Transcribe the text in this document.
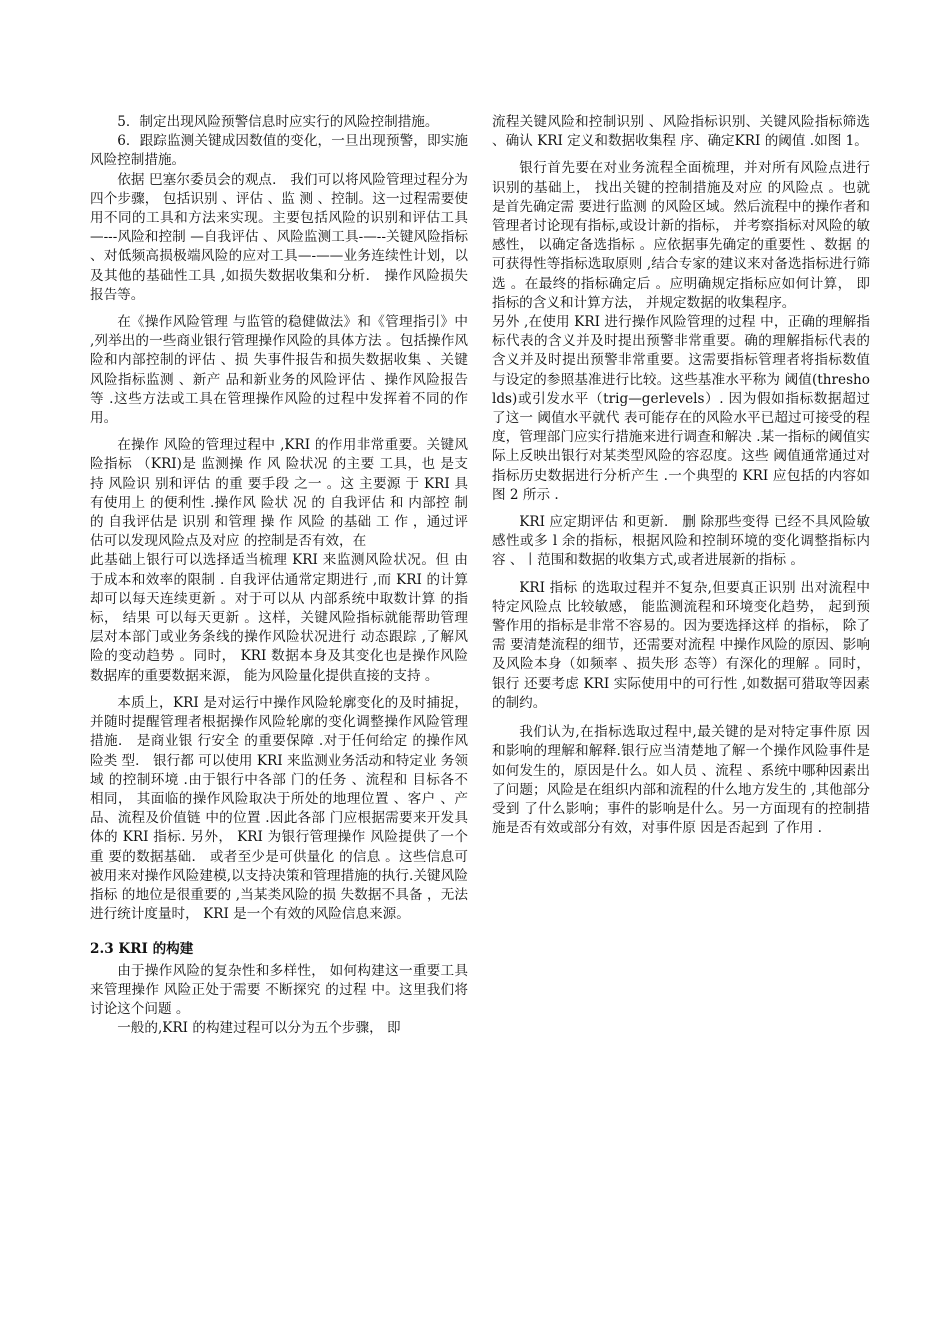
5．制定出现风险预警信息时应实行的风险控制措施。

6．跟踪监测关键成因数值的变化，一旦出现预警，即实施风险控制措施。

依据 巴塞尔委员会的观点． 我们可以将风险管理过程分为四个步骤， 包括识别 、评估 、监 测 、控制。这一过程需要使用不同的工具和方法来实现。主要包括风险的识别和评估工具—---风险和控制 —自我评估 、风险监测工具-—--关键风险指标 、对低频高损极端风险的应对工具—-——业务连续性计划，以及其他的基础性工具 ,如损失数据收集和分析． 操作风险损失报告等。

在《操作风险管理 与监管的稳健做法》和《管理指引》中 ,列举出的一些商业银行管理操作风险的具体方法 。包括操作风险和内部控制的评估 、损 失事件报告和损失数据收集 、关键风险指标监测 、新产 品和新业务的风险评估 、操作风险报告等 .这些方法或工具在管理操作风险的过程中发挥着不同的作用。

在操作 风险的管理过程中 ,KRI 的作用非常重要。关键风 险指标 （KRI)是 监测操 作 风 险状况 的主要 工具，也 是支持 风险识 别和评估 的重 要手段 之一 。这 主要源 于 KRI 具有使用上 的便利性 .操作风 险状 况 的 自我评估 和 内部控 制的 自我评估是 识别 和管理 操 作 风险 的基础 工 作 ，通过评估可以发现风险点及对应 的控制是否有效，在

此基础上银行可以选择适当梳理 KRI 来监测风险状况。但 由于成本和效率的限制 . 自我评估通常定期进行 ,而 KRI 的计算却可以每天连续更新 。对于可以从 内部系统中取数计算 的指标， 结果 可以每天更新 。这样，关键风险指标就能帮助管理层对本部门或业务条线的操作风险状况进行 动态跟踪 ,了解风险的变动趋势 。同时， KRI 数据本身及其变化也是操作风险数据库的重要数据来源， 能为风险量化提供直接的支持 。

本质上，KRI 是对运行中操作风险轮廓变化的及时捕捉， 并随时提醒管理者根据操作风险轮廓的变化调整操作风险管理措施． 是商业银 行安全 的重要保障 .对于任何给定 的操作风 险类 型． 银行都 可以使用 KRI 来监测业务活动和特定业 务领域 的控制环境 .由于银行中各部 门的任务 、流程和 目标各不相同， 其面临的操作风险取决于所处的地理位置 、客户 、产 品、流程及价值链 中的位置 .因此各部 门应根据需要来开发具体的 KRI 指标. 另外， KRI 为银行管理操作 风险提供了一个重 要的数据基础． 或者至少是可供量化 的信息 。这些信息可被用来对操作风险建模,以支持决策和管理措施的执行.关键风险指标 的地位是很重要的 ,当某类风险的损 失数据不具备 ，无法进行统计度量时， KRI 是一个有效的风险信息来源。

2.3 KRI 的构建

由于操作风险的复杂性和多样性， 如何构建这一重要工具来管理操作 风险正处于需要 不断探究 的过程 中。这里我们将讨论这个问题 。

一般的,KRI 的构建过程可以分为五个步骤， 即

流程关键风险和控制识别 、风险指标识别、关键风险指标筛选 、确认 KRI 定义和数据收集程 序、确定KRI 的阈值 .如图 1。

银行首先要在对业务流程全面梳理，并对所有风险点进行识别的基础上， 找出关键的控制措施及对应 的风险点 。也就是首先确定需 要进行监测 的风险区域。然后流程中的操作者和管理者讨论现有指标,或设计新的指标， 并考察指标对风险的敏感性， 以确定备选指标 。应依据事先确定的重要性 、数据 的可获得性等指标选取原则 ,结合专家的建议来对备选指标进行筛选 。在最终的指标确定后 。应明确规定指标应如何计算， 即指标的含义和计算方法， 并规定数据的收集程序。

另外 ,在使用 KRI 进行操作风险管理的过程 中，正确的理解指标代表的含义并及时提出预警非常重要。确的理解指标代表的含义并及时提出预警非常重要。这需要指标管理者将指标数值与设定的参照基准进行比较。这些基准水平称为 阈值(thresholds)或引发水平（trig—gerlevels）. 因为假如指标数据超过 了这一 阈值水平就代 表可能存在的风险水平已超过可接受的程度，管理部门应实行措施来进行调查和解决 .某一指标的阈值实际上反映出银行对某类型风险的容忍度。这些 阈值通常通过对指标历史数据进行分析产生 .一个典型的 KRI 应包括的内容如图 2 所示 .

KRI 应定期评估 和更新． 删 除那些变得 已经不具风险敏感性或多 l 余的指标，根据风险和控制环境的变化调整指标内容 、丨范围和数据的收集方式,或者进展新的指标 。

KRI 指标 的选取过程并不复杂,但要真正识别 出对流程中特定风险点 比较敏感， 能监测流程和环境变化趋势， 起到预警作用的指标是非常不容易的。因为要选择这样 的指标， 除了需 要清楚流程的细节，还需要对流程 中操作风险的原因、影响及风险本身（如频率 、损失形 态等）有深化的理解 。同时，银行 还要考虑 KRI 实际使用中的可行性 ,如数据可猎取等因素的制约。

我们认为,在指标选取过程中,最关键的是对特定事件原 因和影响的理解和解释.银行应当清楚地了解一个操作风险事件是如何发生的，原因是什么。如人员 、流程 、系统中哪种因素出了问题；风险是在组织内部和流程的什么地方发生的 ,其他部分受到 了什么影响；事件的影响是什么。另一方面现有的控制措施是否有效或部分有效，对事件原 因是否起到 了作用 .
